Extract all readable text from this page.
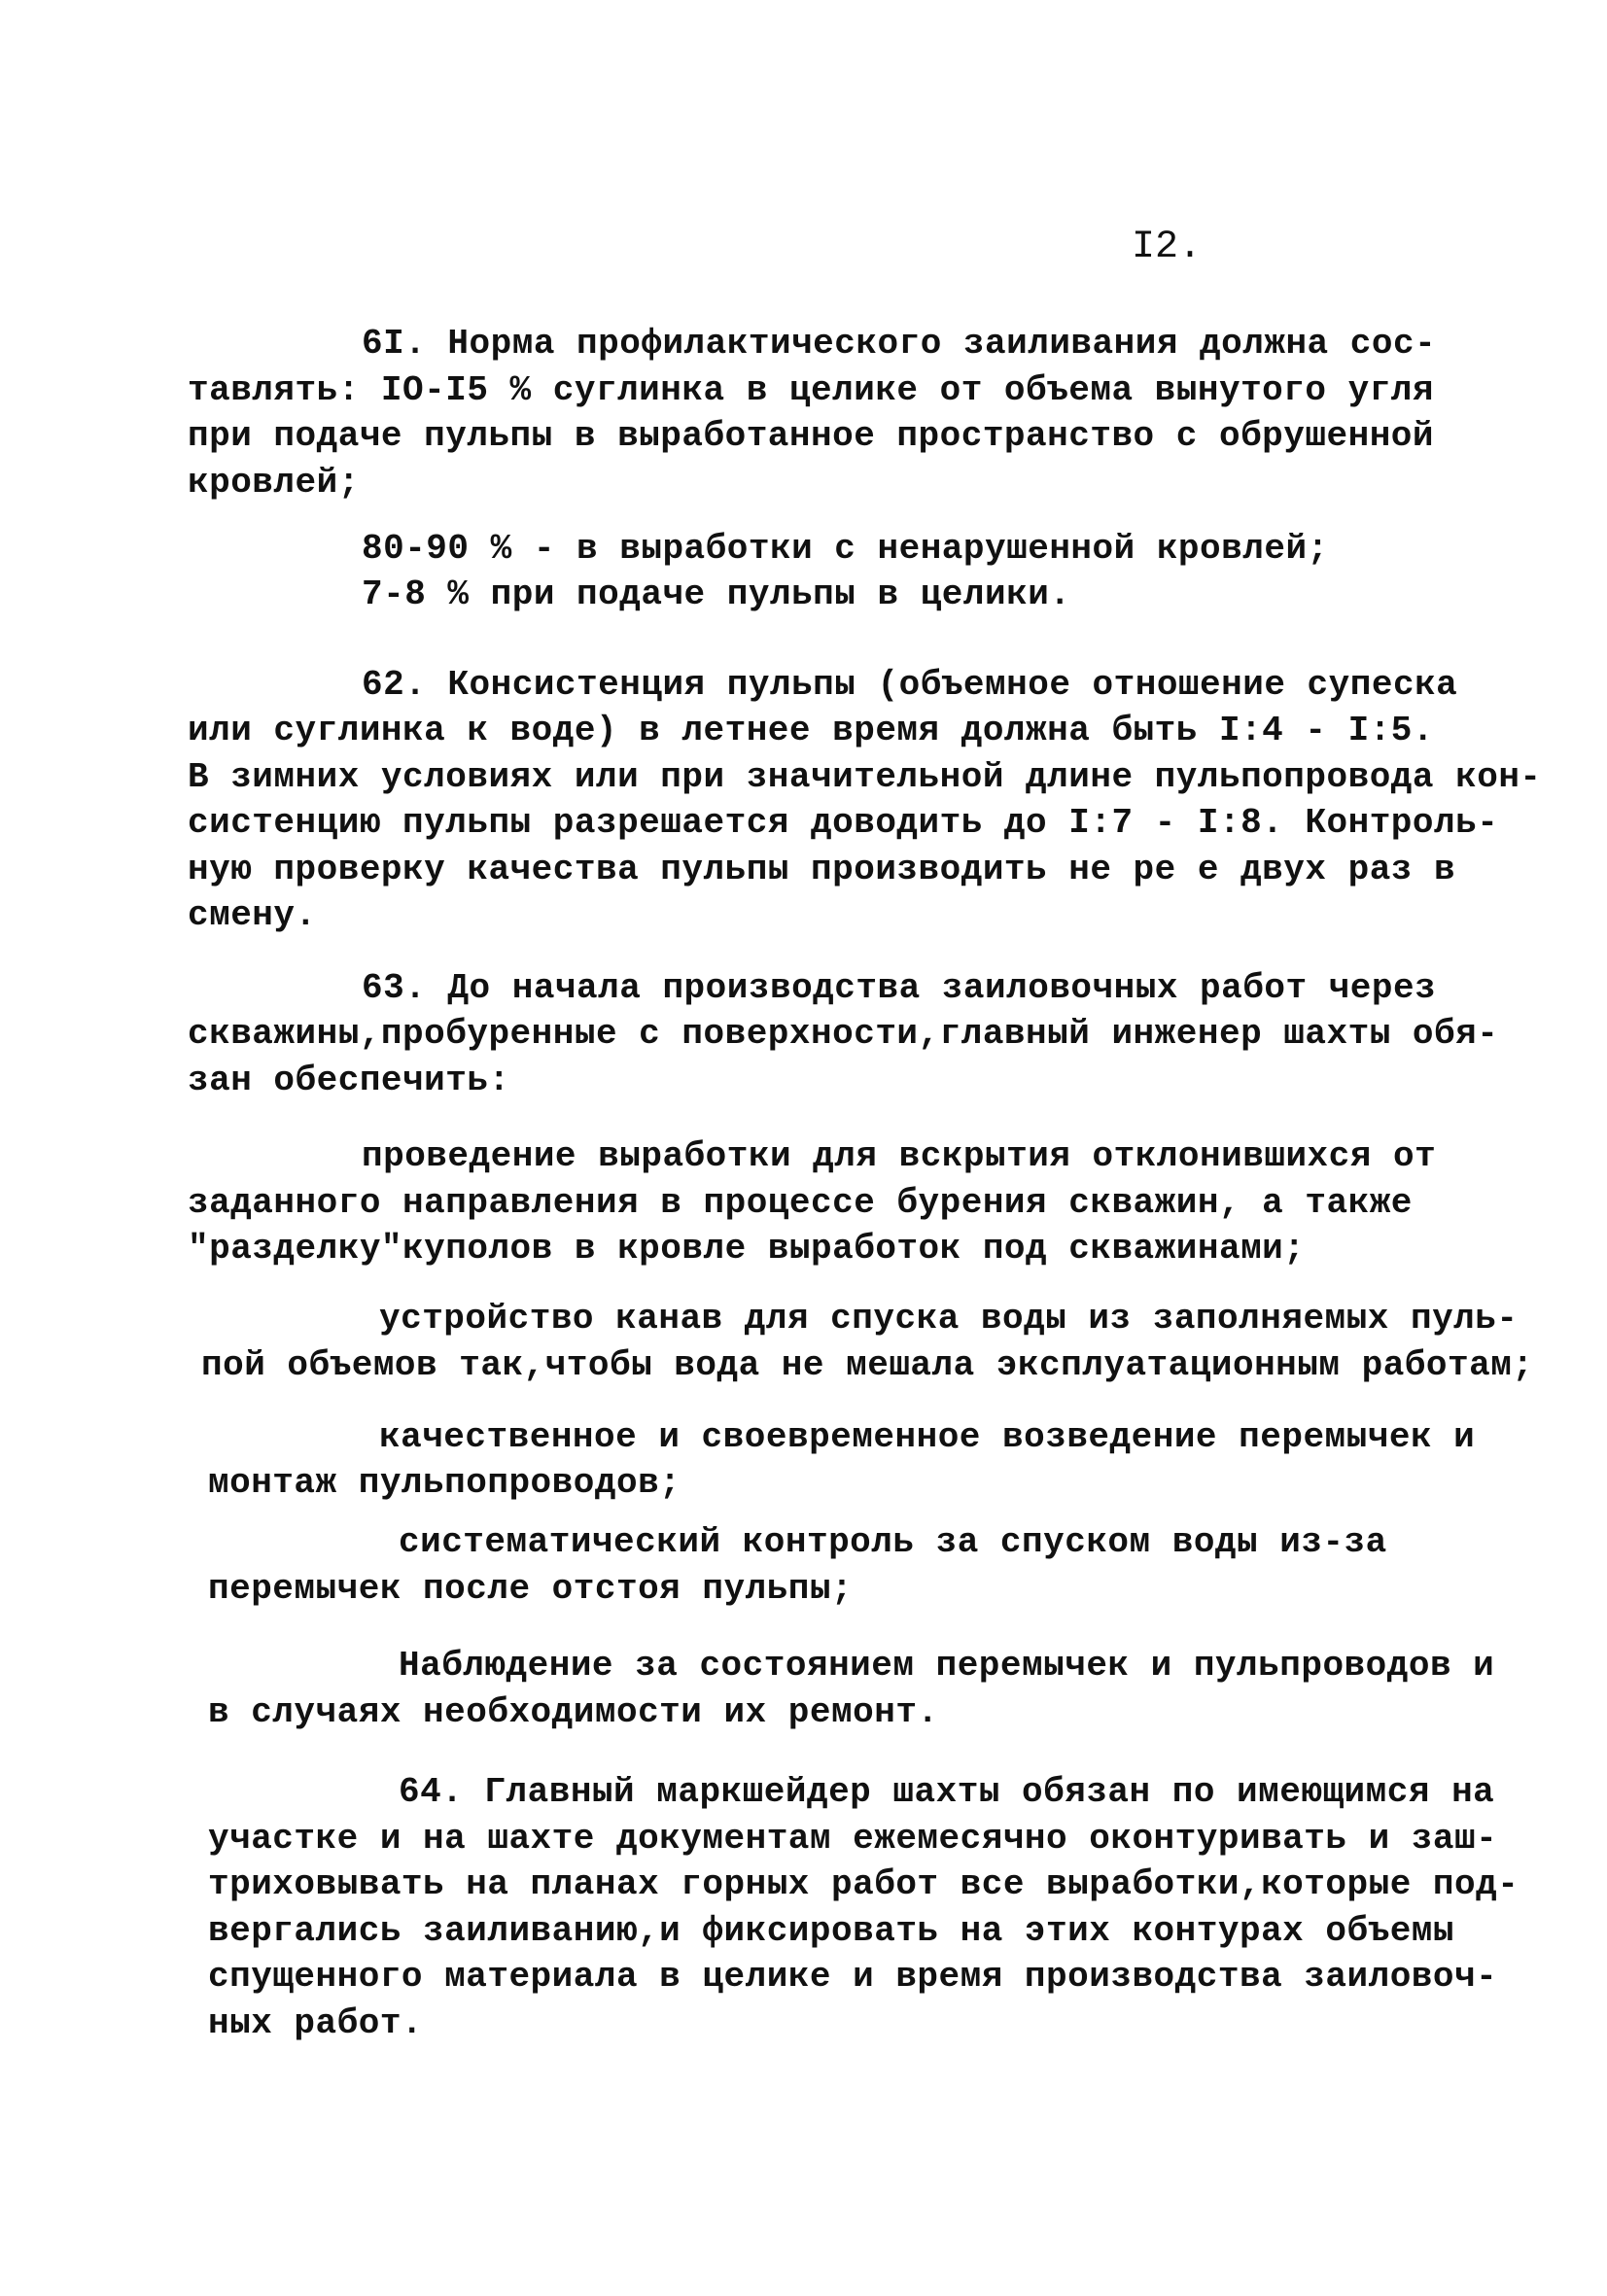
I2.
6I. Норма профилактического заиливания должна сос-
тавлять: IO-I5 % суглинка в целике от объема вынутого угля
при подаче пульпы в выработанное пространство с обрушенной
кровлей;
80-90 % - в выработки с ненарушенной кровлей;
7-8 % при подаче пульпы в целики.
62. Консистенция пульпы (объемное отношение супеска
или суглинка к воде) в летнее время должна быть I:4 - I:5.
В зимних условиях или при значительной длине пульпопровода кон-
систенцию пульпы разрешается доводить до I:7 - I:8. Контроль-
ную проверку качества пульпы производить не ре е двух раз в
смену.
63. До начала производства заиловочных работ через
скважины,пробуренные с поверхности,главный инженер шахты обя-
зан обеспечить:
проведение выработки для вскрытия отклонившихся от
заданного направления в процессе бурения скважин, а также
"разделку"куполов в кровле выработок под скважинами;
устройство канав для спуска воды из заполняемых пуль-
пой объемов так,чтобы вода не мешала эксплуатационным работам;
качественное и своевременное возведение перемычек и
монтаж пульпопроводов;
систематический контроль за спуском воды из-за
перемычек после отстоя пульпы;
Наблюдение за состоянием перемычек и пульпроводов и
в случаях необходимости их ремонт.
64. Главный маркшейдер шахты обязан по имеющимся на
участке и на шахте документам ежемесячно оконтуривать и заш-
триховывать на планах горных работ все выработки,которые под-
вергались заиливанию,и фиксировать на этих контурах объемы
спущенного материала в целике и время производства заиловоч-
ных работ.
